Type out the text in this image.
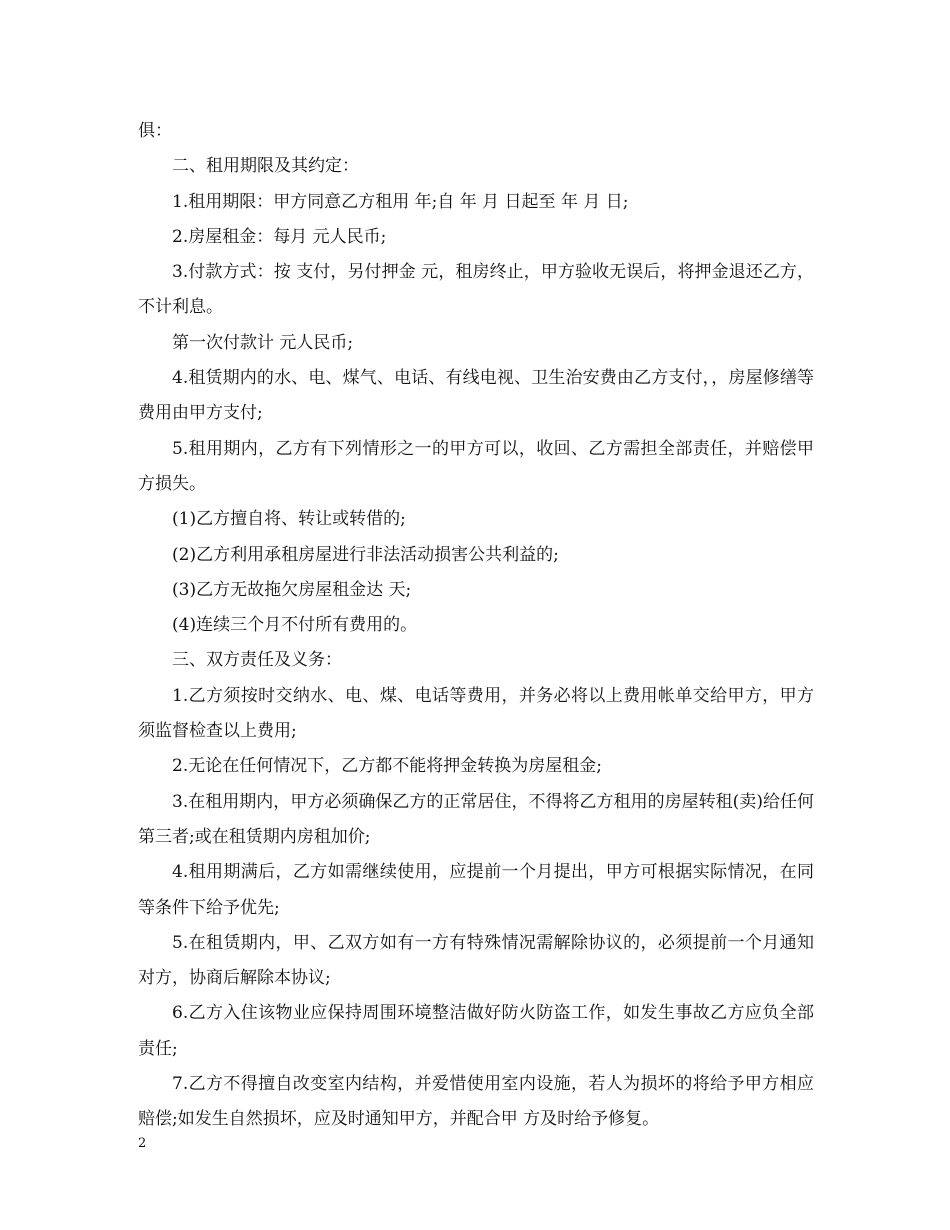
俱：

二、租用期限及其约定：

1.租用期限：甲方同意乙方租用 年;自 年 月 日起至 年 月 日;

2.房屋租金：每月 元人民币;

3.付款方式：按 支付，另付押金 元，租房终止，甲方验收无误后，将押金退还乙方，不计利息。

第一次付款计 元人民币;

4.租赁期内的水、电、煤气、电话、有线电视、卫生治安费由乙方支付，，房屋修缮等费用由甲方支付;

5.租用期内，乙方有下列情形之一的甲方可以，收回、乙方需担全部责任，并赔偿甲方损失。

(1)乙方擅自将、转让或转借的;

(2)乙方利用承租房屋进行非法活动损害公共利益的;

(3)乙方无故拖欠房屋租金达 天;

(4)连续三个月不付所有费用的。

三、双方责任及义务：

1.乙方须按时交纳水、电、煤、电话等费用，并务必将以上费用帐单交给甲方，甲方须监督检查以上费用;

2.无论在任何情况下，乙方都不能将押金转换为房屋租金;

3.在租用期内，甲方必须确保乙方的正常居住，不得将乙方租用的房屋转租(卖)给任何第三者;或在租赁期内房租加价;

4.租用期满后，乙方如需继续使用，应提前一个月提出，甲方可根据实际情况，在同等条件下给予优先;

5.在租赁期内，甲、乙双方如有一方有特殊情况需解除协议的，必须提前一个月通知对方，协商后解除本协议;

6.乙方入住该物业应保持周围环境整洁做好防火防盗工作，如发生事故乙方应负全部责任;

7.乙方不得擅自改变室内结构，并爱惜使用室内设施，若人为损坏的将给予甲方相应赔偿;如发生自然损坏，应及时通知甲方，并配合甲 方及时给予修复。

2
